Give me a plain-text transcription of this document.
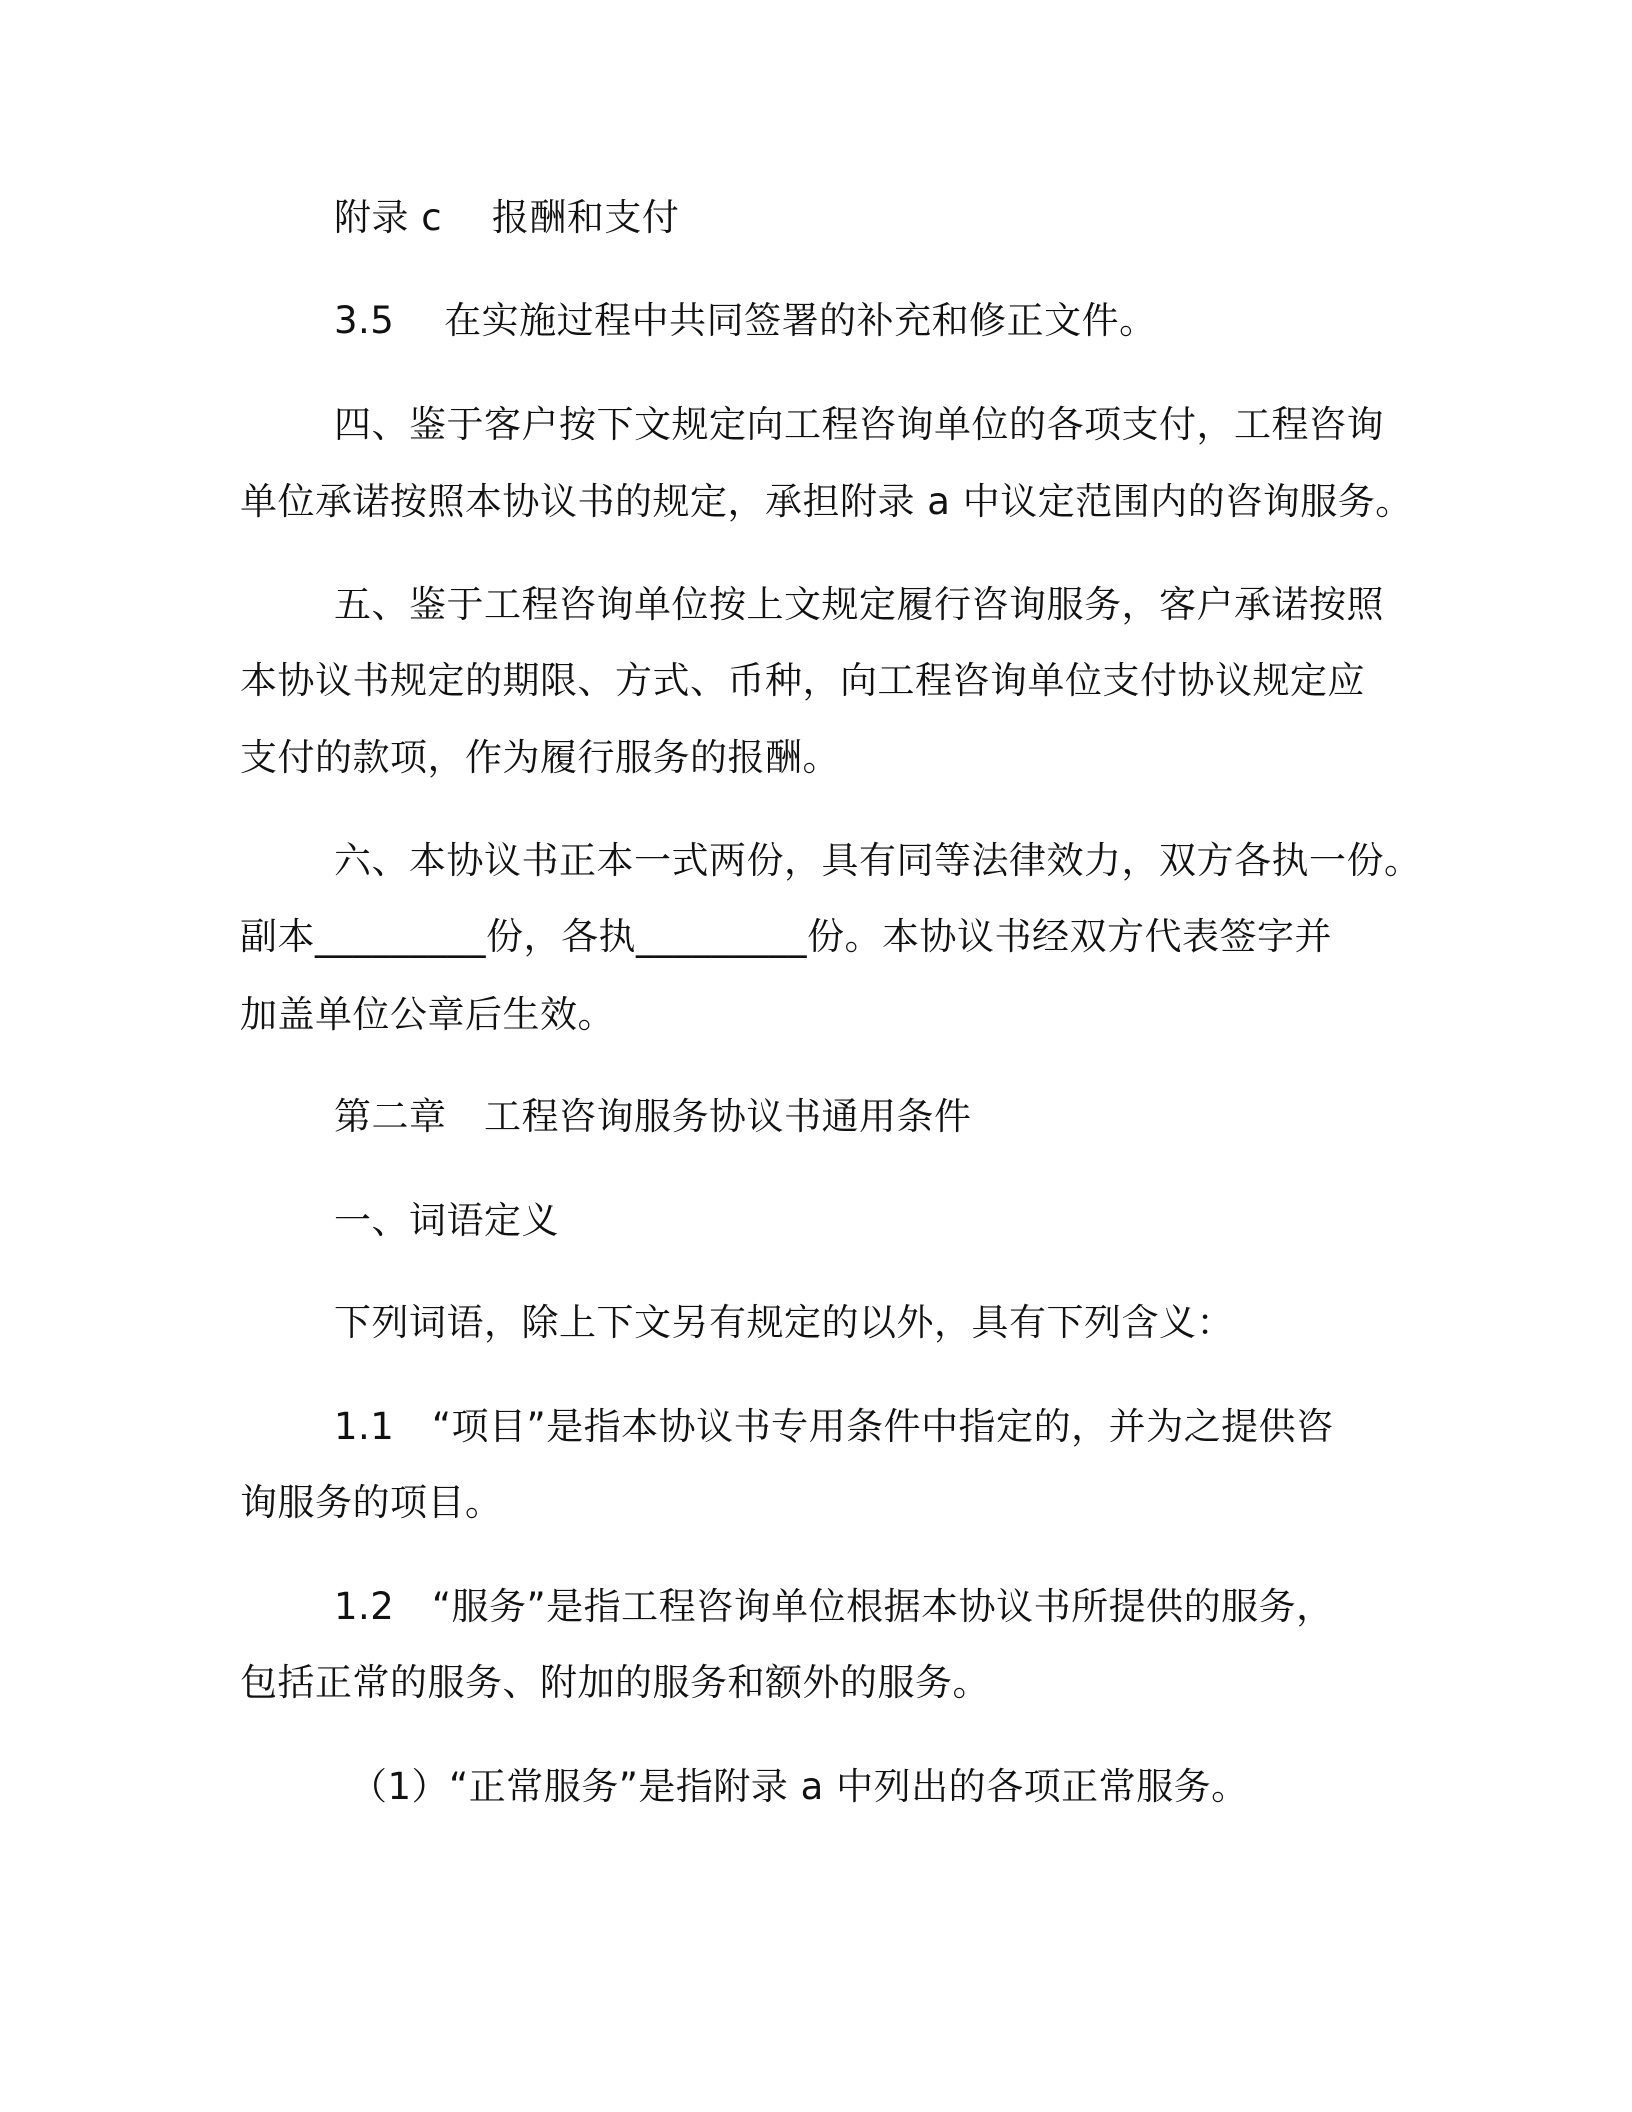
附录 c　 报酬和支付
3.5　 在实施过程中共同签署的补充和修正文件。
四、鉴于客户按下文规定向工程咨询单位的各项支付，工程咨询
单位承诺按照本协议书的规定，承担附录 a 中议定范围内的咨询服务。
五、鉴于工程咨询单位按上文规定履行咨询服务，客户承诺按照
本协议书规定的期限、方式、币种，向工程咨询单位支付协议规定应
支付的款项，作为履行服务的报酬。
六、本协议书正本一式两份，具有同等法律效力，双方各执一份。
副本_________份，各执_________份。本协议书经双方代表签字并
加盖单位公章后生效。
第二章　工程咨询服务协议书通用条件
一、词语定义
下列词语，除上下文另有规定的以外，具有下列含义：
1.1　“项目”是指本协议书专用条件中指定的，并为之提供咨
询服务的项目。
1.2　“服务”是指工程咨询单位根据本协议书所提供的服务，
包括正常的服务、附加的服务和额外的服务。
（1）“正常服务”是指附录 a 中列出的各项正常服务。
